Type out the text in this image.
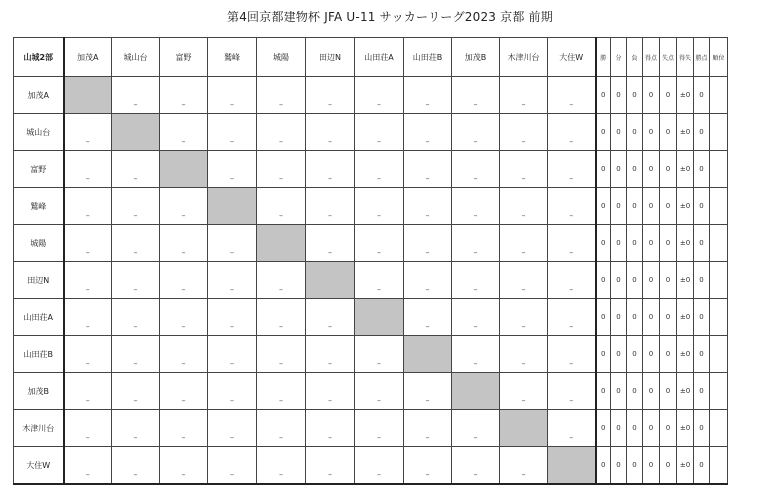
第4回京都建物杯 JFA U-11 サッカーリーグ2023 京都 前期
山城2部	加茂A	城山台	富野	鷲峰	城陽	田辺N	山田荘A	山田荘B	加茂B	木津川台	大住W	勝	分	負	得点	失点	得失	勝点	順位
加茂A		–	–	–	–	–	–	–	–	–	–	0	0	0	0	0	±0	0	
城山台	–		–	–	–	–	–	–	–	–	–	0	0	0	0	0	±0	0	
富野	–	–		–	–	–	–	–	–	–	–	0	0	0	0	0	±0	0	
鷲峰	–	–	–		–	–	–	–	–	–	–	0	0	0	0	0	±0	0	
城陽	–	–	–	–		–	–	–	–	–	–	0	0	0	0	0	±0	0	
田辺N	–	–	–	–	–		–	–	–	–	–	0	0	0	0	0	±0	0	
山田荘A	–	–	–	–	–	–		–	–	–	–	0	0	0	0	0	±0	0	
山田荘B	–	–	–	–	–	–	–		–	–	–	0	0	0	0	0	±0	0	
加茂B	–	–	–	–	–	–	–	–		–	–	0	0	0	0	0	±0	0	
木津川台	–	–	–	–	–	–	–	–	–		–	0	0	0	0	0	±0	0	
大住W	–	–	–	–	–	–	–	–	–	–		0	0	0	0	0	±0	0	
